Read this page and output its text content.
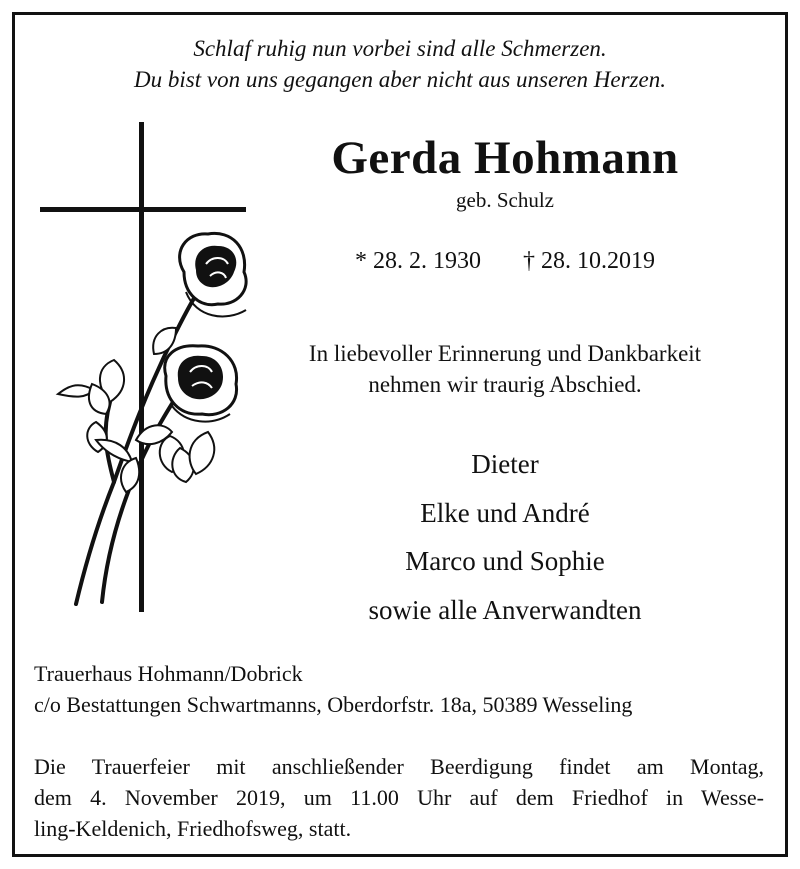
Schlaf ruhig nun vorbei sind alle Schmerzen.
Du bist von uns gegangen aber nicht aus unseren Herzen.
Gerda Hohmann
geb. Schulz
* 28. 2. 1930 † 28. 10.2019
In liebevoller Erinnerung und Dankbarkeit
nehmen wir traurig Abschied.
Dieter
Elke und André
Marco und Sophie
sowie alle Anverwandten
Trauerhaus Hohmann/Dobrick
c/o Bestattungen Schwartmanns, Oberdorfstr. 18a, 50389 Wesseling
Die Trauerfeier mit anschließender Beerdigung findet am Montag,
dem 4. November 2019, um 11.00 Uhr auf dem Friedhof in Wesse-
ling-Keldenich, Friedhofsweg, statt.
